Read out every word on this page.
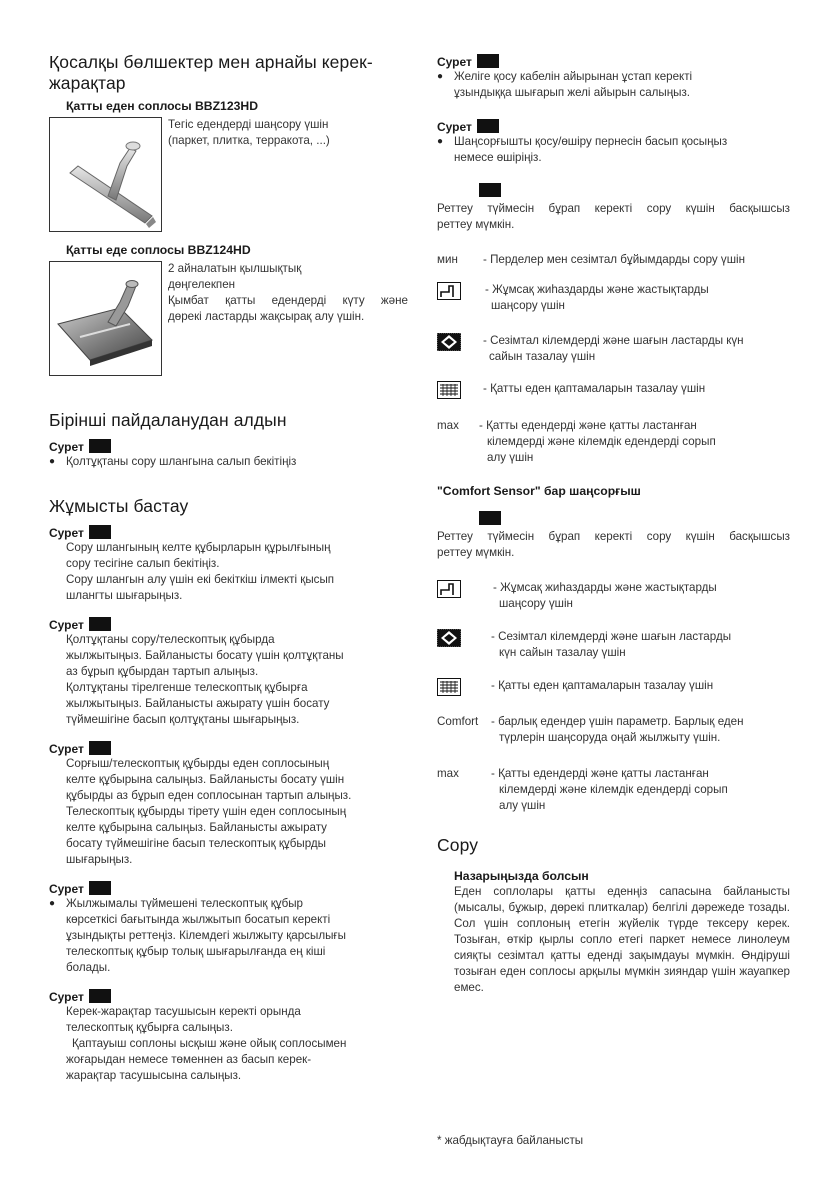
Қосалқы бөлшектер мен арнайы керек-
жарақтар
Қатты еден соплосы BBZ123HD
Тегіс едендерді шаңсору үшін
(паркет, плитка, терракота, ...)
Қатты еде соплосы BBZ124HD
2 айналатын қылшықтық
дөңгелекпен
Қымбат қатты едендерді күту және
дөрекі ластарды жақсырақ алу үшін.
Бірінші пайдаланудан алдын
Сурет
● Қолтұқтаны сору шлангына салып бекітіңіз
Жұмысты бастау
Сурет
Сору шлангының келте құбырларын құрылғының
сору тесігіне салып бекітіңіз.
Сору шлангын алу үшін екі бекіткіш ілмекті қысып
шлангты шығарыңыз.
Сурет
Қолтұқтаны сору/телескоптық құбырда
жылжытыңыз. Байланысты босату үшін қолтұқтаны
аз бұрып құбырдан тартып алыңыз.
Қолтұқтаны тірелгенше телескоптық құбырға
жылжытыңыз. Байланысты ажырату үшін босату
түймешігіне басып қолтұқтаны шығарыңыз.
Сурет
Сорғыш/телескоптық құбырды еден соплосының
келте құбырына салыңыз. Байланысты босату үшін
құбырды аз бұрып еден соплосынан тартып алыңыз.
Телескоптық құбырды тірету үшін еден соплосының
келте құбырына салыңыз. Байланысты ажырату
босату түймешігіне басып телескоптық құбырды
шығарыңыз.
Сурет
● Жылжымалы түймешені телескоптық құбыр
көрсеткісі бағытында жылжытып босатып керекті
ұзындықты реттеңіз. Кілемдегі жылжыту қарсылығы
телескоптық құбыр толық шығарылғанда ең кіші
болады.
Сурет
Керек-жарақтар тасушысын керекті орында
телескоптық құбырға салыңыз.
Қаптауыш соплоны ысқыш және ойық соплосымен
жоғарыдан немесе төменнен аз басып керек-
жарақтар тасушысына салыңыз.
Сурет
● Желіге қосу кабелін айырынан ұстап керекті
ұзындыққа шығарып желі айырын салыңыз.
Сурет
● Шаңсорғышты қосу/өшіру пернесін басып қосыңыз
немесе өшіріңіз.
Реттеу түймесін бұрап керекті сору күшін басқышсыз
реттеу мүмкін.
мин	- Перделер мен сезімтал бұйымдарды сору үшін
- Жұмсақ жиһаздарды және жастықтарды
шаңсору үшін
- Сезімтал кілемдерді және шағын ластарды күн
сайын тазалау үшін
- Қатты еден қаптамаларын тазалау үшін
max	- Қатты едендерді және қатты ластанған
кілемдерді және кілемдік едендерді сорып
алу үшін
"Comfort Sensor" бар шаңсорғыш
Реттеу түймесін бұрап керекті сору күшін басқышсыз
реттеу мүмкін.
- Жұмсақ жиһаздарды және жастықтарды
шаңсору үшін
- Сезімтал кілемдерді және шағын ластарды
күн сайын тазалау үшін
- Қатты еден қаптамаларын тазалау үшін
Comfort	- барлық едендер үшін параметр. Барлық еден
түрлерін шаңсоруда оңай жылжыту үшін.
max	- Қатты едендерді және қатты ластанған
кілемдерді және кілемдік едендерді сорып
алу үшін
Сору
Назарыңызда болсын
Еден соплолары қатты еденңіз сапасына байланысты (мысалы, бұжыр, дөрекі плиткалар) белгілі дәрежеде тозады. Сол үшін соплоның етегін жүйелік түрде тексеру керек. Тозыған, өткір қырлы сопло етегі паркет немесе линолеум сияқты сезімтал қатты еденді зақымдауы мүмкін. Өндіруші тозыған еден соплосы арқылы мүмкін зияндар үшін жауапкер емес.
* жабдықтауға байланысты
